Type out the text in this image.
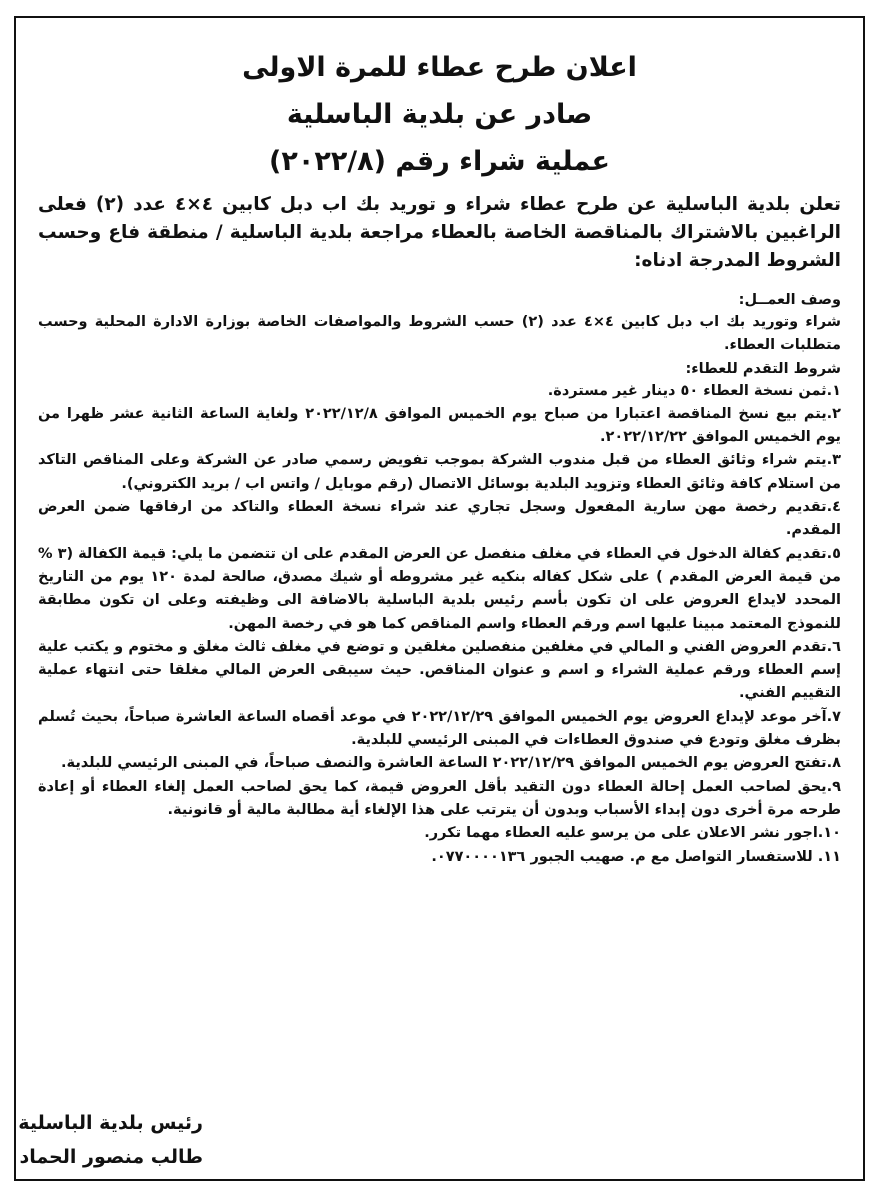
اعلان طرح عطاء للمرة الاولى
صادر عن بلدية الباسلية
عملية شراء رقم (٢٠٢٢/٨)

تعلن بلدية الباسلية عن طرح عطاء شراء و توريد بك اب دبل كابين ٤×٤ عدد (٢) فعلى الراغبين بالاشتراك بالمناقصة الخاصة بالعطاء مراجعة بلدية الباسلية / منطقة فاع وحسب الشروط المدرجة ادناه:

وصف العمــل:

شراء وتوريد بك اب دبل كابين ٤×٤ عدد (٢) حسب الشروط والمواصفات الخاصة بوزارة الادارة المحلية وحسب متطلبات العطاء.

شروط التقدم للعطاء:

١.ثمن نسخة العطاء ٥٠ دينار غير مستردة.
٢.يتم بيع نسخ المناقصة اعتبارا من صباح يوم الخميس الموافق ٢٠٢٢/١٢/٨ ولغاية الساعة الثانية عشر ظهرا من يوم الخميس الموافق ٢٠٢٢/١٢/٢٢.
٣.يتم شراء وثائق العطاء من قبل مندوب الشركة بموجب تفويض رسمي صادر عن الشركة وعلى المناقص التاكد من استلام كافة وثائق العطاء وتزويد البلدية بوسائل الاتصال (رقم موبايل / واتس اب / بريد الكتروني).
٤.تقديم رخصة مهن سارية المفعول وسجل تجاري عند شراء نسخة العطاء والتاكد من ارفاقها ضمن العرض المقدم.
٥.تقديم كفالة الدخول في العطاء في مغلف منفصل عن العرض المقدم على ان تتضمن ما يلي: قيمة الكفالة (٣ % من قيمة العرض المقدم ) على شكل كفاله بنكيه غير مشروطه أو شيك مصدق، صالحة لمدة ١٢٠ يوم من التاريخ المحدد لايداع العروض على ان تكون بأسم رئيس بلدية الباسلية بالاضافة الى وظيفته وعلى ان تكون مطابقة للنموذج المعتمد مبينا عليها اسم ورقم العطاء واسم المناقص كما هو في رخصة المهن.
٦.تقدم العروض الفني و المالي في مغلفين منفصلين مغلقين و توضع في مغلف ثالث مغلق و مختوم و يكتب علية إسم العطاء ورقم عملية الشراء و اسم و عنوان المناقص. حيث سيبقى العرض المالي مغلقا حتى انتهاء عملية التقييم الفني.
٧.آخر موعد لإيداع العروض يوم الخميس الموافق ٢٠٢٢/١٢/٢٩ في موعد أقصاه الساعة العاشرة صباحاً، بحيث تُسلم بظرف مغلق وتودع في صندوق العطاءات في المبنى الرئيسي للبلدية.
٨.تفتح العروض يوم الخميس الموافق ٢٠٢٢/١٢/٢٩ الساعة العاشرة والنصف صباحاً، في المبنى الرئيسي للبلدية.
٩.يحق لصاحب العمل إحالة العطاء دون التقيد بأقل العروض قيمة، كما يحق لصاحب العمل إلغاء العطاء أو إعادة طرحه مرة أخرى دون إبداء الأسباب وبدون أن يترتب على هذا الإلغاء أية مطالبة مالية أو قانونية.
١٠.اجور نشر الاعلان على من يرسو عليه العطاء مهما تكرر.
١١. للاستفسار التواصل مع م. صهيب الجبور ٠٧٧٠٠٠٠١٣٦.
رئيس بلدية الباسلية
طالب منصور الحماد
